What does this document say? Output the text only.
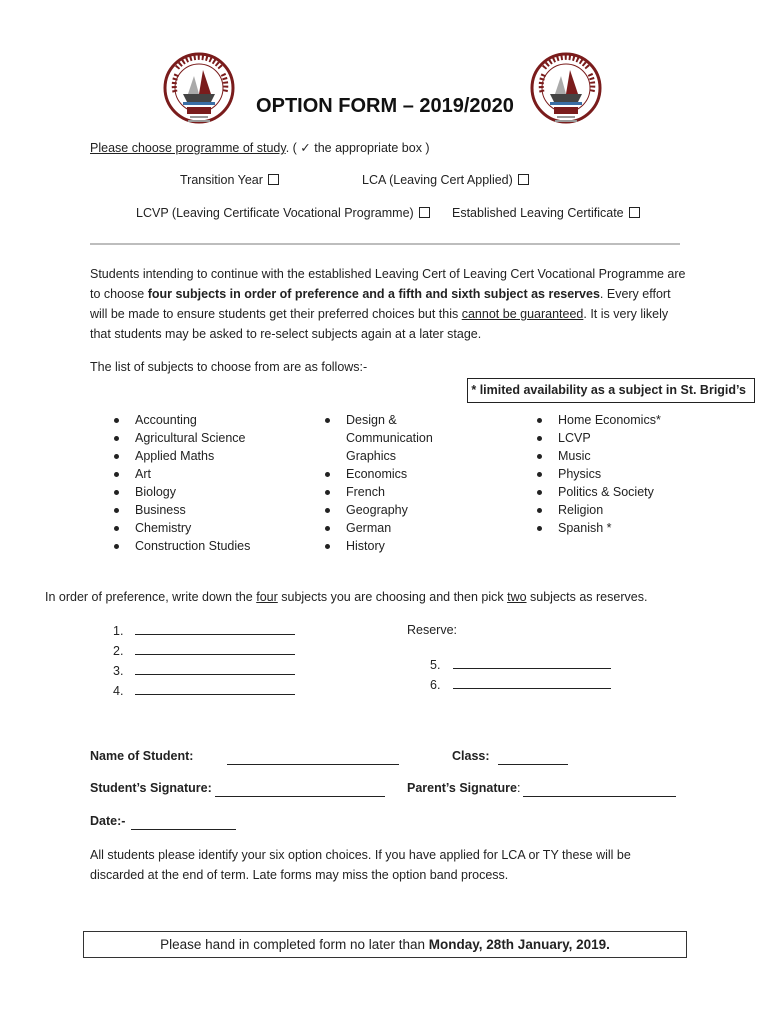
OPTION FORM – 2019/2020
Please choose programme of study. ( ✓ the appropriate box )
Transition Year	LCA (Leaving Cert Applied)
LCVP (Leaving Certificate Vocational Programme)	Established Leaving Certificate
Students intending to continue with the established Leaving Cert of Leaving Cert Vocational Programme are to choose four subjects in order of preference and a fifth and sixth subject as reserves. Every effort will be made to ensure students get their preferred choices but this cannot be guaranteed. It is very likely that students may be asked to re-select subjects again at a later stage.
The list of subjects to choose from are as follows:-
* limited availability as a subject in St. Brigid’s
Accounting
Agricultural Science
Applied Maths
Art
Biology
Business
Chemistry
Construction Studies
Design & Communication Graphics
Economics
French
Geography
German
History
Home Economics*
LCVP
Music
Physics
Politics & Society
Religion
Spanish *
In order of preference, write down the four subjects you are choosing and then pick two subjects as reserves.
1.
2.
3.
4.
Reserve:
5.
6.
Name of Student:	Class:
Student’s Signature:	Parent’s Signature:
Date:-
All students please identify your six option choices. If you have applied for LCA or TY these will be discarded at the end of term. Late forms may miss the option band process.
Please hand in completed form no later than Monday, 28th January, 2019.
